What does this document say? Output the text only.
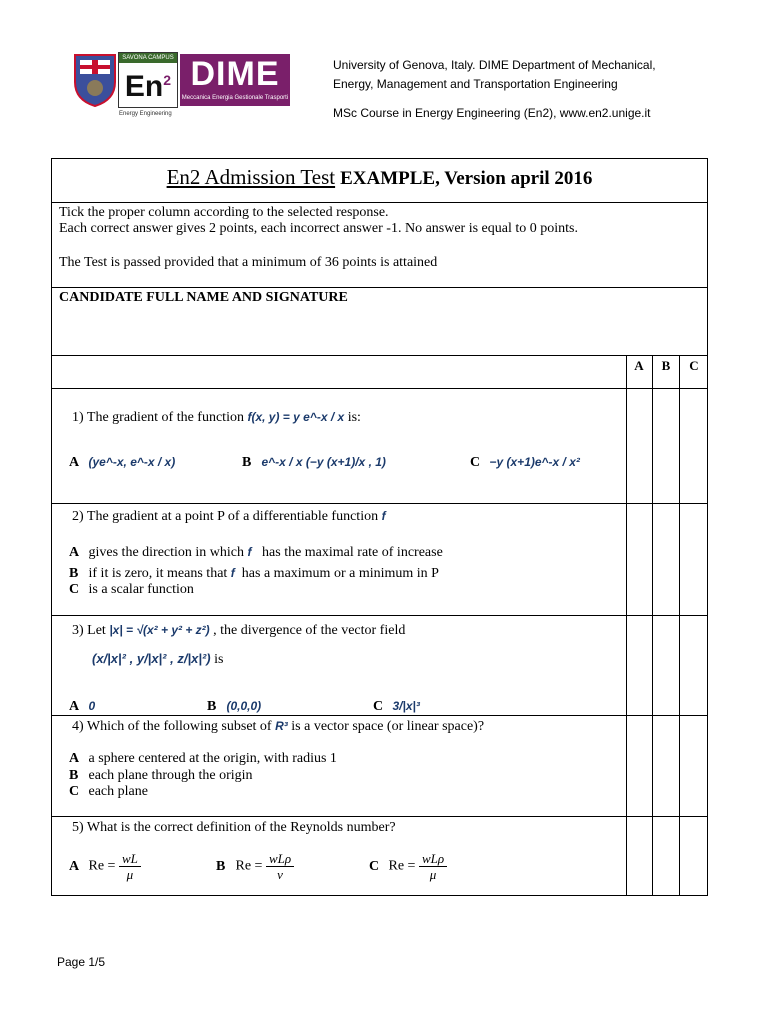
SAVONA CAMPUS
En$^2$
Energy Engineering
DIME
Meccanica Energia Gestionale Trasporti

University of Genova, Italy. DIME Department of Mechanical,

Energy, Management and Transportation Engineering

MSc Course in Energy Engineering (En2), www.en2.unige.it

En2 Admission Test EXAMPLE, Version april 2016

Tick the proper column according to the selected response.

Each correct answer gives 2 points, each incorrect answer -1. No answer is equal to 0 points.

The Test is passed provided that a minimum of 36 points is attained

CANDIDATE FULL NAME AND SIGNATURE
A	B	C
1) The gradient of the function f(x, y) = y e^-x / x is:
A (ye^-x, e^-x / x)	B e^-x / x (−y (x+1)/x , 1)	C −y (x+1)e^-x / x²
2) The gradient at a point P of a differentiable function f
A gives the direction in which f has the maximal rate of increase
B if it is zero, it means that f has a maximum or a minimum in P
C is a scalar function
3) Let |x| = √(x² + y² + z²) , the divergence of the vector field
(x/|x|² , y/|x|² , z/|x|²) is
A 0	B (0,0,0)	C 3/|x|³
4) Which of the following subset of R³ is a vector space (or linear space)?
A a sphere centered at the origin, with radius 1
B each plane through the origin
C each plane
5) What is the correct definition of the Reynolds number?
A $Re = \frac{wL}{\mu}$	B Re =
wLρ
ν
C Re =
wLρ
μ
Page 1/5
